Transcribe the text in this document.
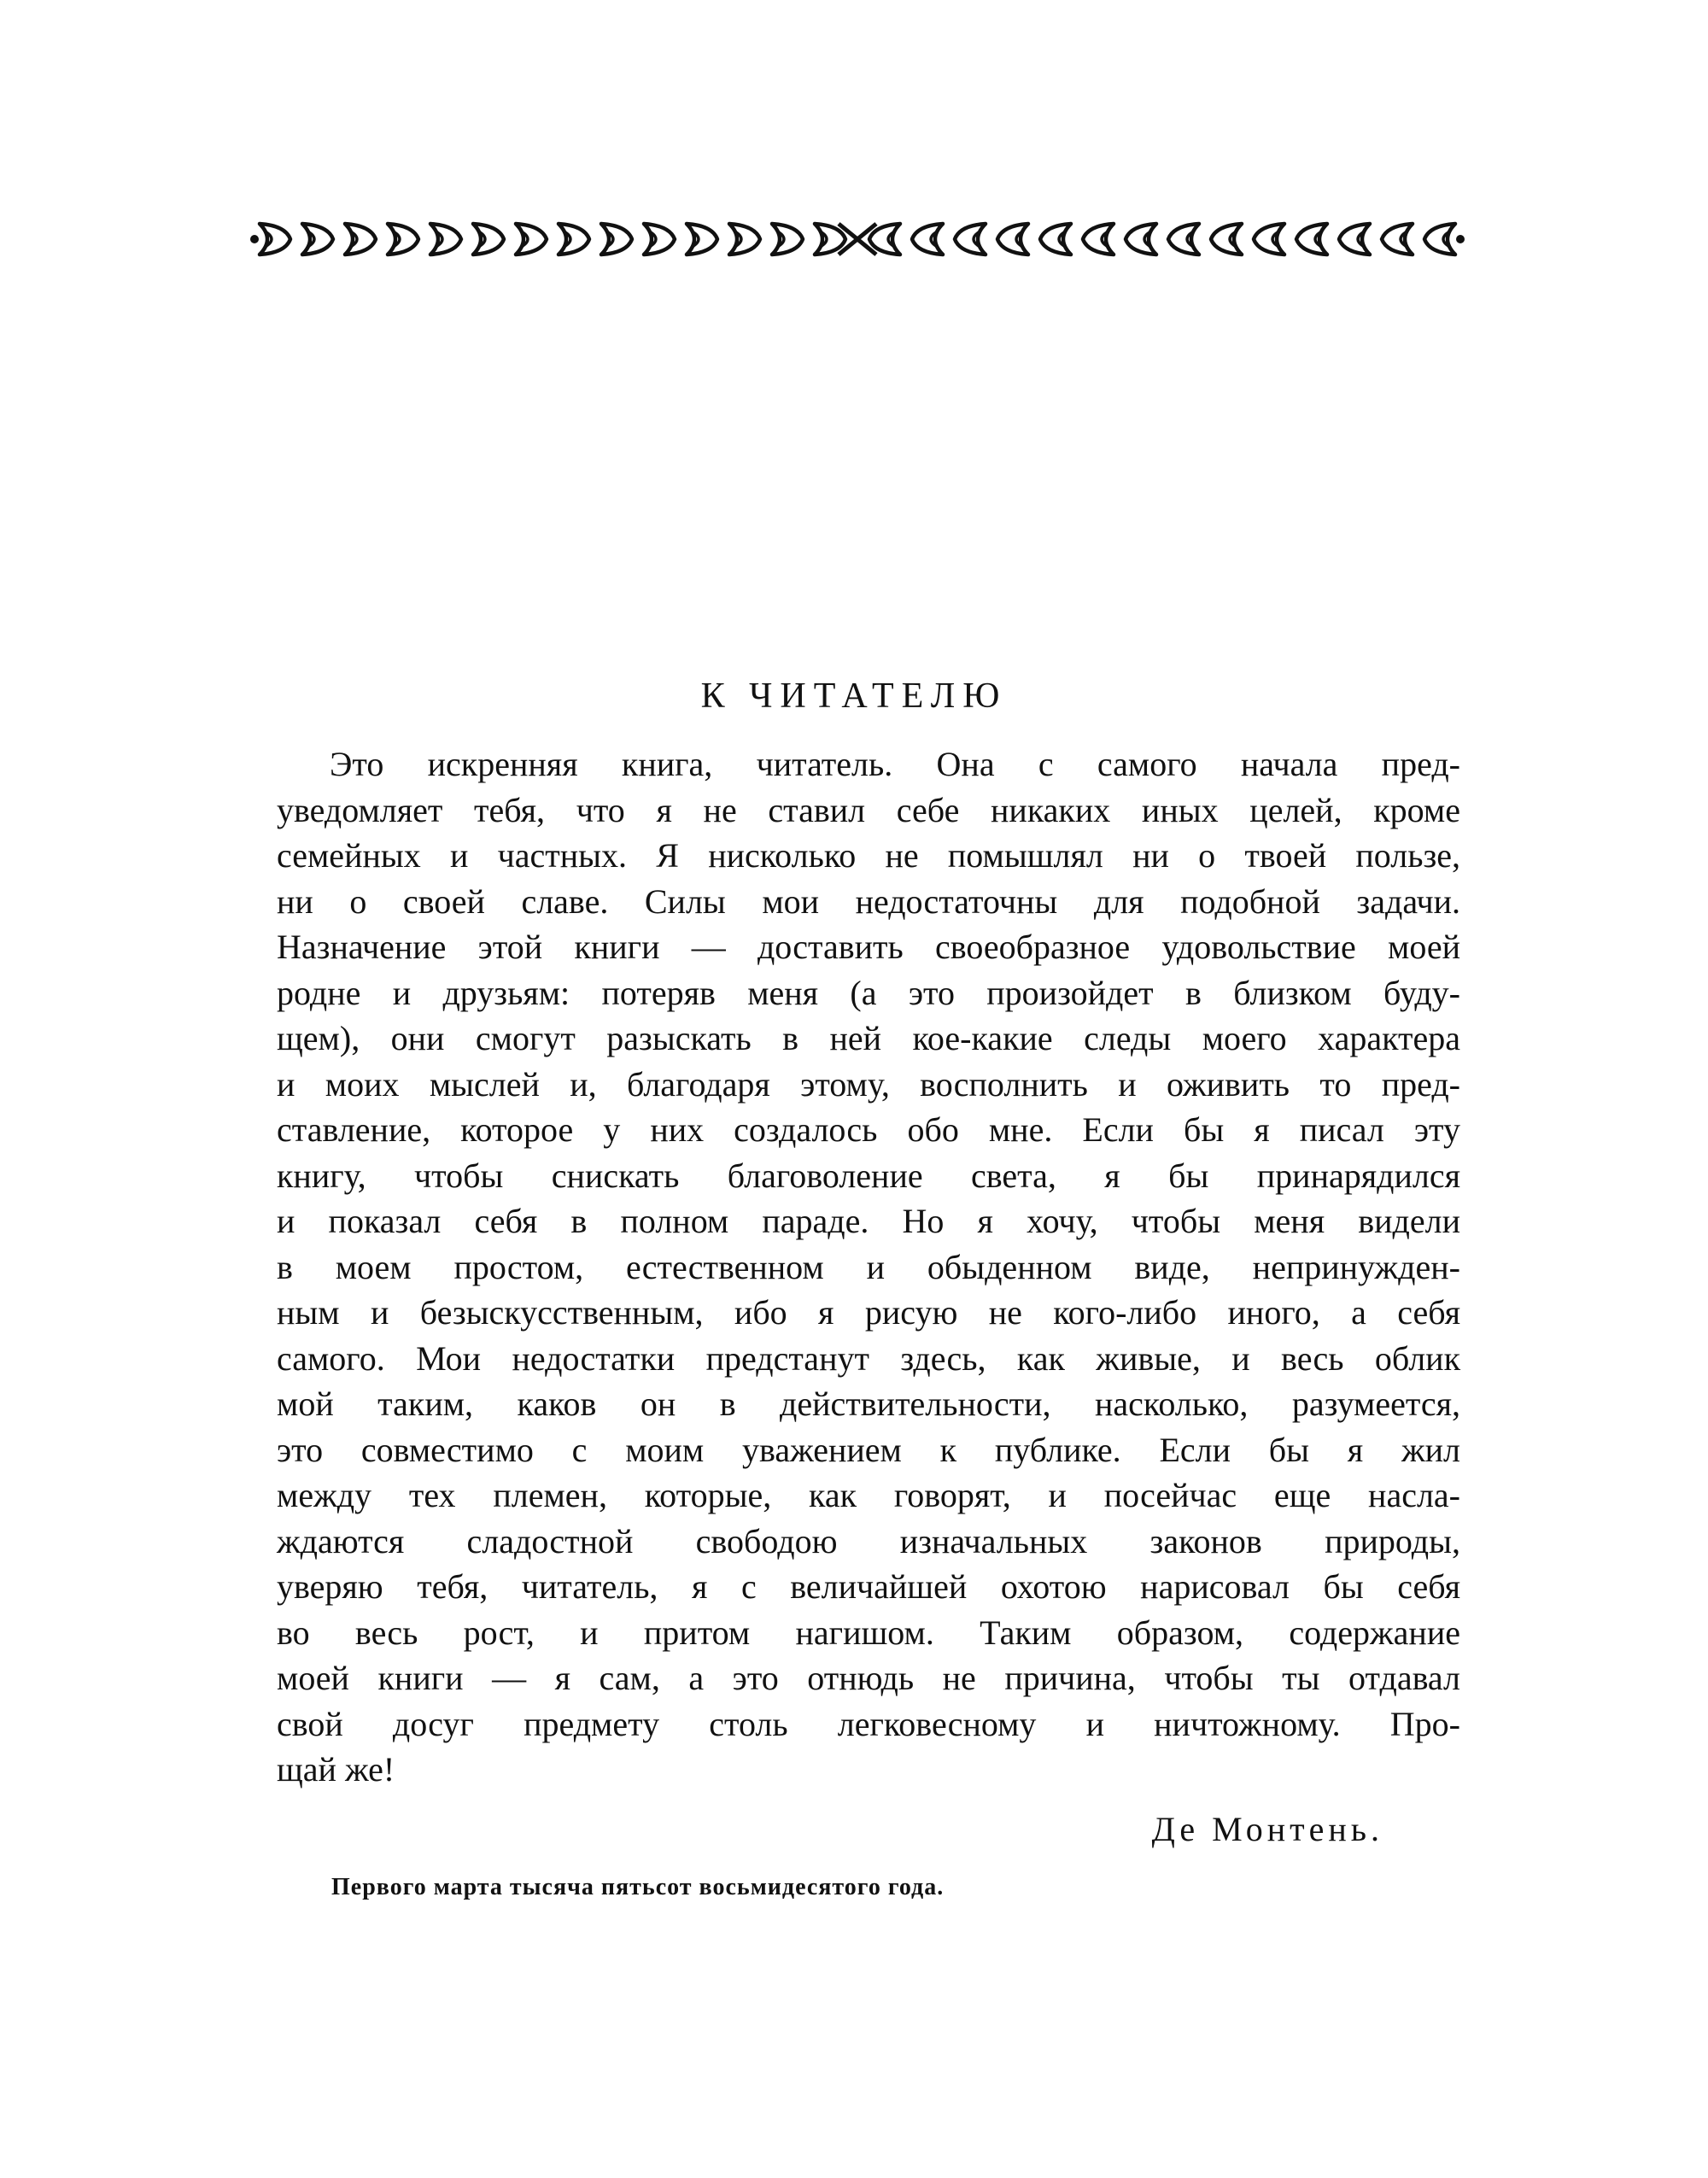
К ЧИТАТЕЛЮ
Это искренняя книга, читатель. Она с самого начала пред-
уведомляет тебя, что я не ставил себе никаких иных целей, кроме
семейных и частных. Я нисколько не помышлял ни о твоей пользе,
ни о своей славе. Силы мои недостаточны для подобной задачи.
Назначение этой книги — доставить своеобразное удовольствие моей
родне и друзьям: потеряв меня (а это произойдет в близком буду-
щем), они смогут разыскать в ней кое-какие следы моего характера
и моих мыслей и, благодаря этому, восполнить и оживить то пред-
ставление, которое у них создалось обо мне. Если бы я писал эту
книгу, чтобы снискать благоволение света, я бы принарядился
и показал себя в полном параде. Но я хочу, чтобы меня видели
в моем простом, естественном и обыденном виде, непринужден-
ным и безыскусственным, ибо я рисую не кого-либо иного, а себя
самого. Мои недостатки предстанут здесь, как живые, и весь облик
мой таким, каков он в действительности, насколько, разумеется,
это совместимо с моим уважением к публике. Если бы я жил
между тех племен, которые, как говорят, и посейчас еще насла-
ждаются сладостной свободою изначальных законов природы,
уверяю тебя, читатель, я с величайшей охотою нарисовал бы себя
во весь рост, и притом нагишом. Таким образом, содержание
моей книги — я сам, а это отнюдь не причина, чтобы ты отдавал
свой досуг предмету столь легковесному и ничтожному. Про-
щай же!
Де Монтень.
Первого марта тысяча пятьсот восьмидесятого года.
